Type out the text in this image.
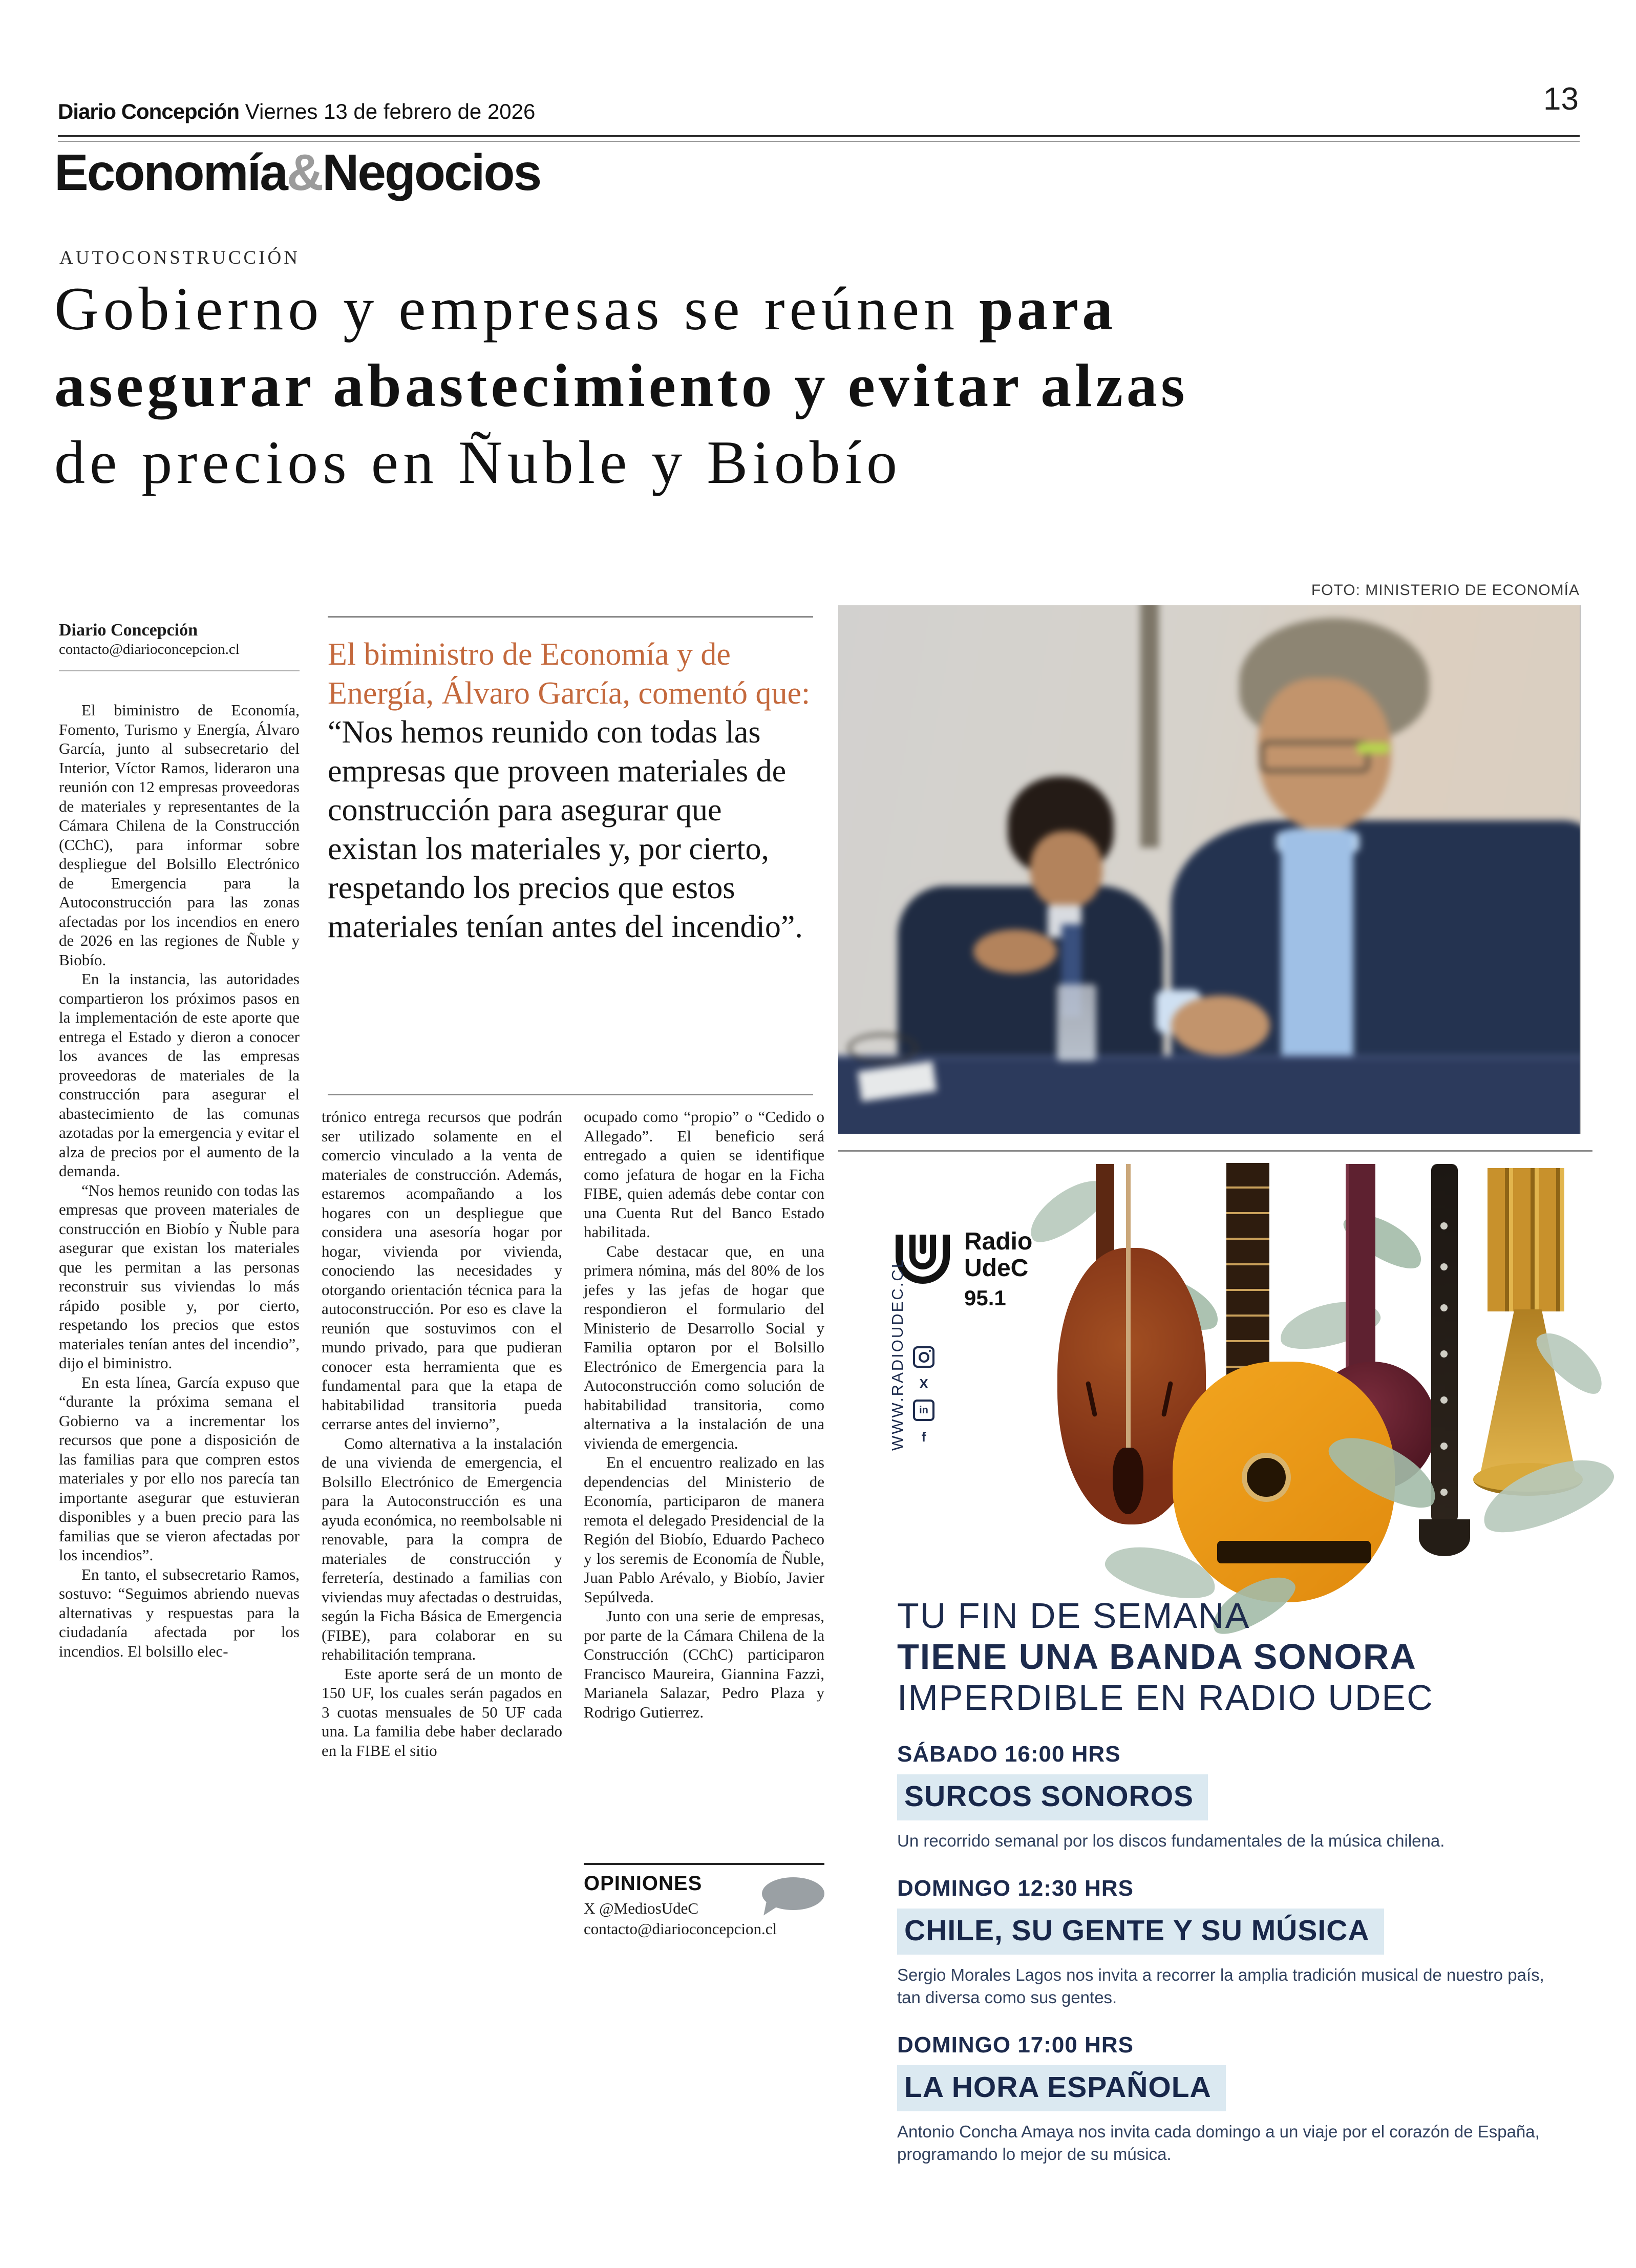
Diario Concepción Viernes 13 de febrero de 2026	13
Economía&Negocios
AUTOCONSTRUCCIÓN
Gobierno y empresas se reúnen para
asegurar abastecimiento y evitar alzas
de precios en Ñuble y Biobío
FOTO: MINISTERIO DE ECONOMÍA
Diario Concepción
contacto@diarioconcepcion.cl	El biministro de Economía y de Energía, Álvaro García, comentó que: “Nos hemos reunido con todas las empresas que proveen materiales de construcción para asegurar que existan los materiales y, por cierto, respetando los precios que estos materiales tenían antes del incendio”.

El biministro de Economía, Fomento, Turismo y Energía, Álvaro García, junto al subsecretario del Interior, Víctor Ramos, lideraron una reunión con 12 empresas proveedoras de materiales y representantes de la Cámara Chilena de la Construcción (CChC), para informar sobre despliegue del Bolsillo Electrónico de Emergencia para la Autoconstrucción para las zonas afectadas por los incendios en enero de 2026 en las regiones de Ñuble y Biobío.

En la instancia, las autoridades compartieron los próximos pasos en la implementación de este aporte que entrega el Estado y dieron a conocer los avances de las empresas proveedoras de materiales de la construcción para asegurar el abastecimiento de las comunas azotadas por la emergencia y evitar el alza de precios por el aumento de la demanda.

“Nos hemos reunido con todas las empresas que proveen materiales de construcción en Biobío y Ñuble para asegurar que existan los materiales que les permitan a las personas reconstruir sus viviendas lo más rápido posible y, por cierto, respetando los precios que estos materiales tenían antes del incendio”, dijo el biministro.

En esta línea, García expuso que “durante la próxima semana el Gobierno va a incrementar los recursos que pone a disposición de las familias para que compren estos materiales y por ello nos parecía tan importante asegurar que estuvieran disponibles y a buen precio para las familias que se vieron afectadas por los incendios”.

En tanto, el subsecretario Ramos, sostuvo: “Seguimos abriendo nuevas alternativas y respuestas para la ciudadanía afectada por los incendios. El bolsillo elec-

trónico entrega recursos que podrán ser utilizado solamente en el comercio vinculado a la venta de materiales de construcción. Además, estaremos acompañando a los hogares con un despliegue que considera una asesoría hogar por hogar, vivienda por vivienda, conociendo las necesidades y otorgando orientación técnica para la autoconstrucción. Por eso es clave la reunión que sostuvimos con el mundo privado, para que pudieran conocer esta herramienta que es fundamental para que la etapa de habitabilidad transitoria pueda cerrarse antes del invierno”,

Como alternativa a la instalación de una vivienda de emergencia, el Bolsillo Electrónico de Emergencia para la Autoconstrucción es una ayuda económica, no reembolsable ni renovable, para la compra de materiales de construcción y ferretería, destinado a familias con viviendas muy afectadas o destruidas, según la Ficha Básica de Emergencia (FIBE), para colaborar en su rehabilitación temprana.

Este aporte será de un monto de 150 UF, los cuales serán pagados en 3 cuotas mensuales de 50 UF cada una. La familia debe haber declarado en la FIBE el sitio

ocupado como “propio” o “Cedido o Allegado”. El beneficio será entregado a quien se identifique como jefatura de hogar en la Ficha FIBE, quien además debe contar con una Cuenta Rut del Banco Estado habilitada.

Cabe destacar que, en una primera nómina, más del 80% de los jefes y las jefas de hogar que respondieron el formulario del Ministerio de Desarrollo Social y Familia optaron por el Bolsillo Electrónico de Emergencia para la Autoconstrucción como solución de habitabilidad transitoria, como alternativa a la instalación de una vivienda de emergencia.

En el encuentro realizado en las dependencias del Ministerio de Economía, participaron de manera remota el delegado Presidencial de la Región del Biobío, Eduardo Pacheco y los seremis de Economía de Ñuble, Juan Pablo Arévalo, y Biobío, Javier Sepúlveda.

Junto con una serie de empresas, por parte de la Cámara Chilena de la Construcción (CChC) participaron Francisco Maureira, Giannina Fazzi, Marianela Salazar, Pedro Plaza y Rodrigo Gutierrez.

OPINIONES
X @MediosUdeC
contacto@diarioconcepcion.cl
Radio
UdeC
95.1
WWW.RADIOUDEC.CL X
in
f
TU FIN DE SEMANA
TIENE UNA BANDA SONORA
IMPERDIBLE EN RADIO UDEC
SÁBADO 16:00 HRS
SURCOS SONOROS
Un recorrido semanal por los discos fundamentales de la música chilena.
DOMINGO 12:30 HRS
CHILE, SU GENTE Y SU MÚSICA
Sergio Morales Lagos nos invita a recorrer la amplia tradición musical de nuestro país, tan diversa como sus gentes.
DOMINGO 17:00 HRS
LA HORA ESPAÑOLA
Antonio Concha Amaya nos invita cada domingo a un viaje por el corazón de España, programando lo mejor de su música.
